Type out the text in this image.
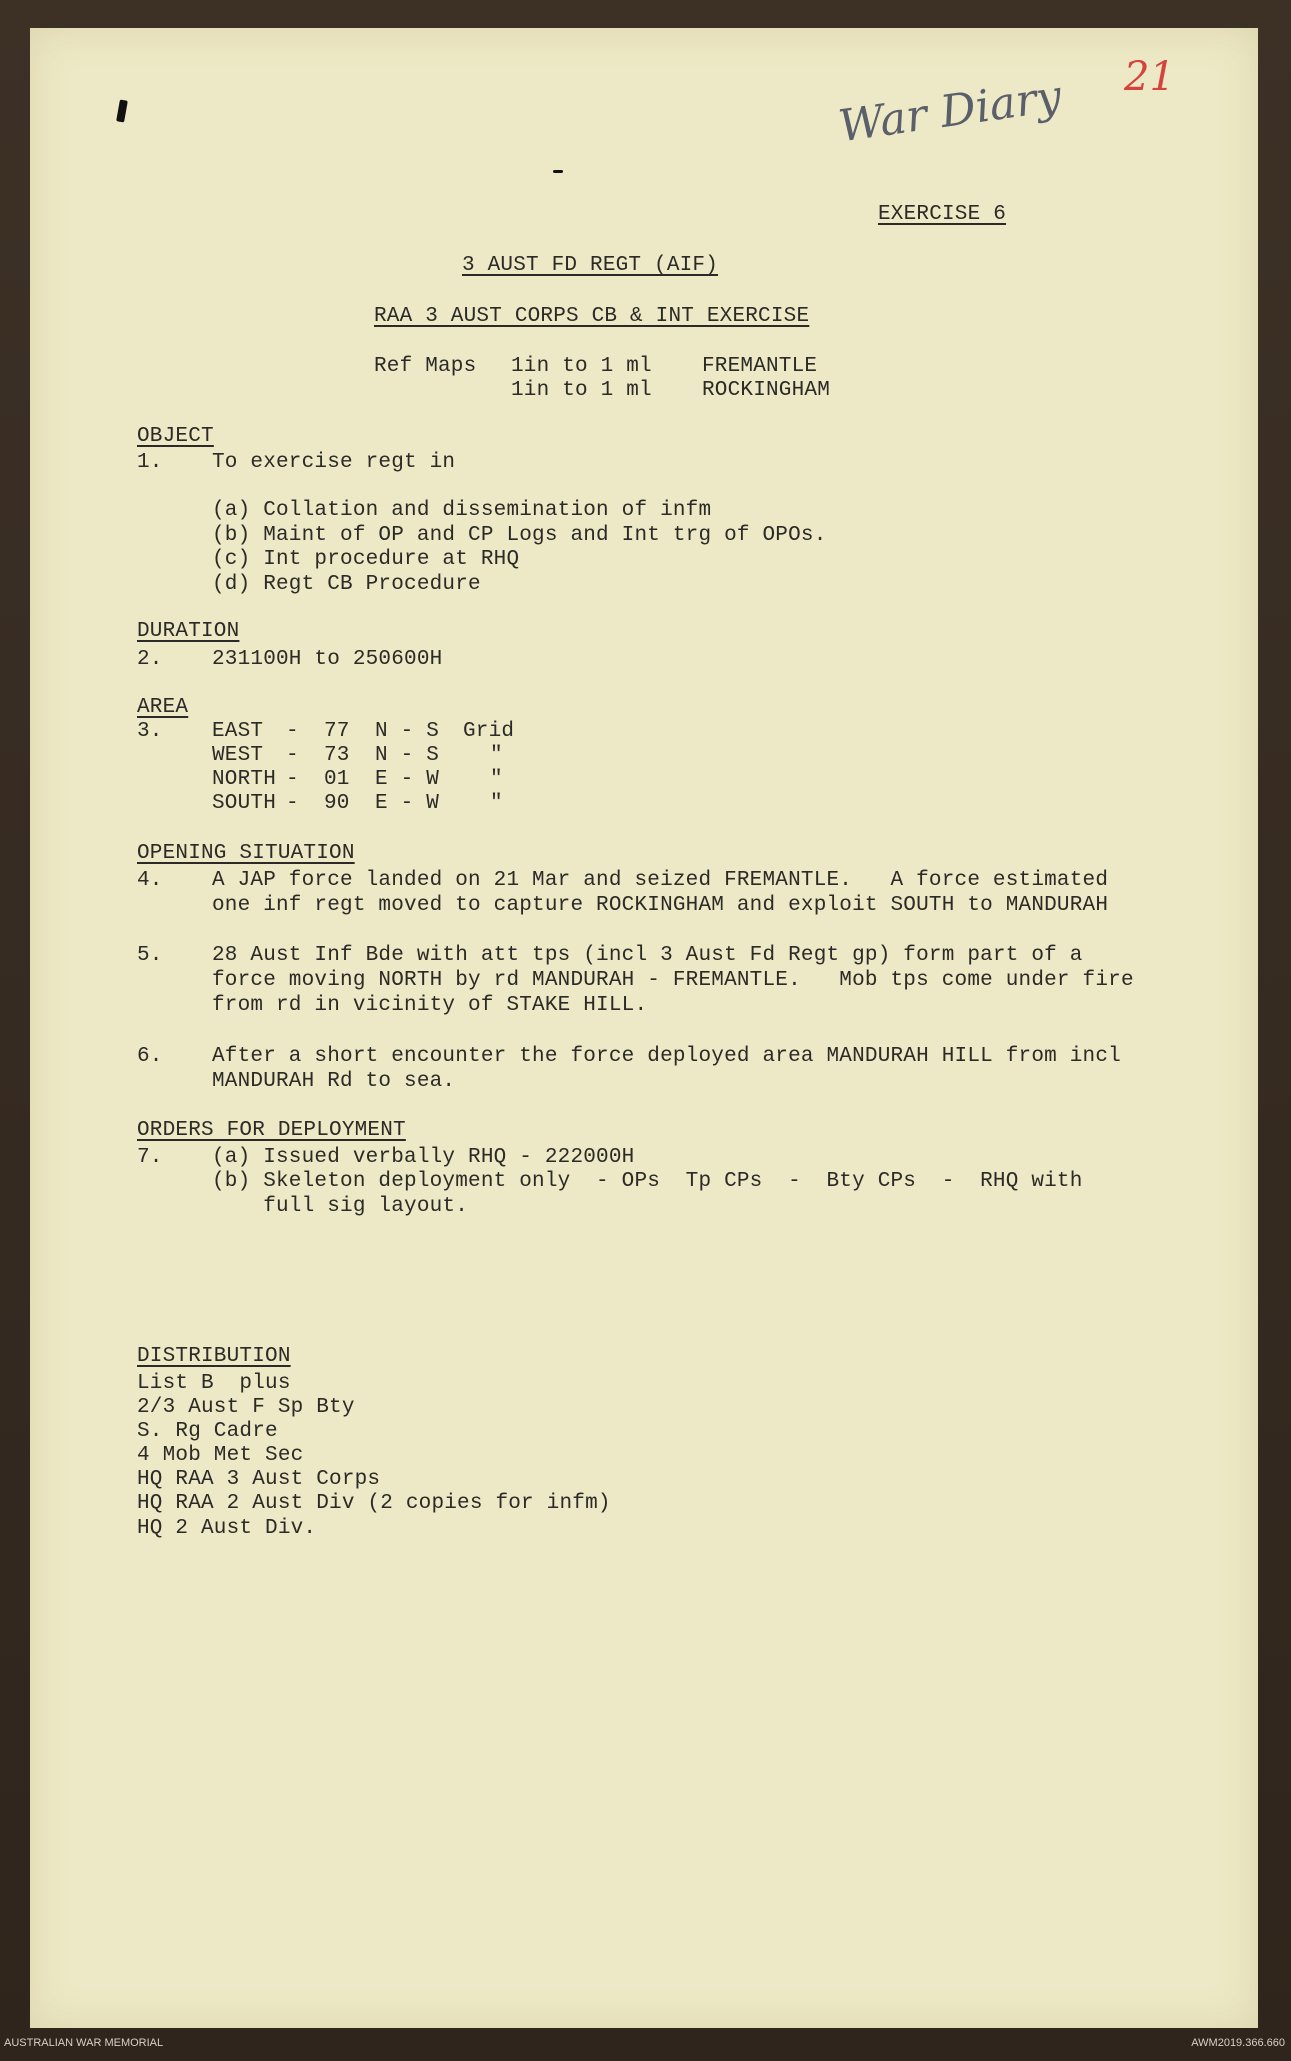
War Diary 21
EXERCISE 6
3 AUST FD REGT (AIF)
RAA 3 AUST CORPS CB & INT EXERCISE
Ref Maps 1in to 1 ml FREMANTLE
1in to 1 ml ROCKINGHAM
OBJECT
1. To exercise regt in
(a) Collation and dissemination of infm
(b) Maint of OP and CP Logs and Int trg of OPOs.
(c) Int procedure at RHQ
(d) Regt CB Procedure
DURATION
2. 231100H to 250600H
AREA
3. EAST - 77 N - S Grid
WEST - 73 N - S "
NORTH - 01 E - W "
SOUTH - 90 E - W "
OPENING SITUATION
4. A JAP force landed on 21 Mar and seized FREMANTLE.   A force estimated
one inf regt moved to capture ROCKINGHAM and exploit SOUTH to MANDURAH
5. 28 Aust Inf Bde with att tps (incl 3 Aust Fd Regt gp) form part of a
force moving NORTH by rd MANDURAH - FREMANTLE.   Mob tps come under fire
from rd in vicinity of STAKE HILL.
6. After a short encounter the force deployed area MANDURAH HILL from incl
MANDURAH Rd to sea.
ORDERS FOR DEPLOYMENT
7. (a) Issued verbally RHQ - 222000H
(b) Skeleton deployment only  - OPs  Tp CPs  -  Bty CPs  -  RHQ with
full sig layout.
DISTRIBUTION
List B  plus
2/3 Aust F Sp Bty
S. Rg Cadre
4 Mob Met Sec
HQ RAA 3 Aust Corps
HQ RAA 2 Aust Div (2 copies for infm)
HQ 2 Aust Div.
AUSTRALIAN WAR MEMORIAL	AWM2019.366.660
